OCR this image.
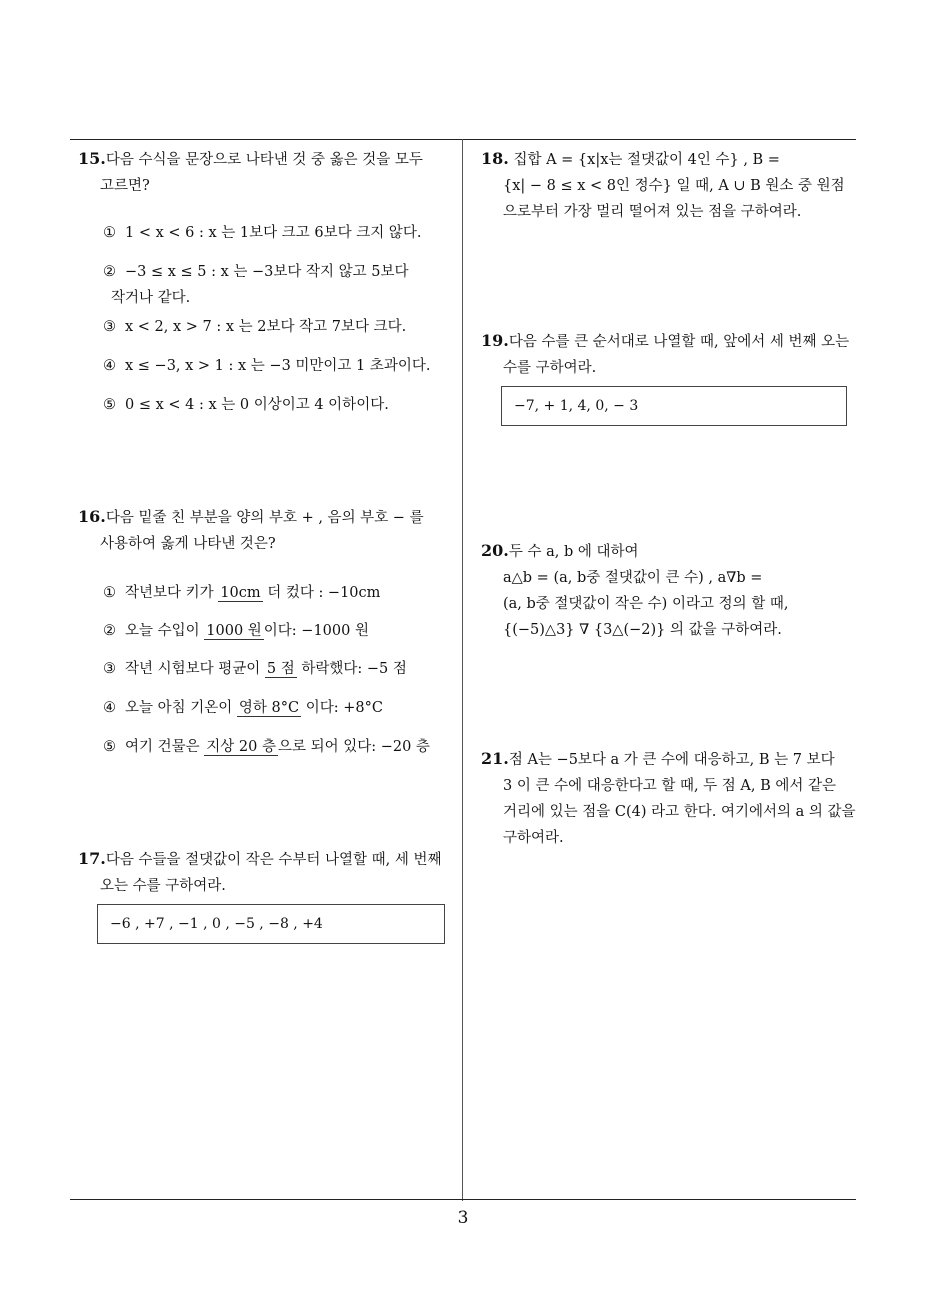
15.다음 수식을 문장으로 나타낸 것 중 옳은 것을 모두
고르면?
① 1 < x < 6 : x 는 1보다 크고 6보다 크지 않다.
② −3 ≤ x ≤ 5 : x 는 −3보다 작지 않고 5보다
작거나 같다.
③ x < 2, x > 7 : x 는 2보다 작고 7보다 크다.
④ x ≤ −3, x > 1 : x 는 −3 미만이고 1 초과이다.
⑤ 0 ≤ x < 4 : x 는 0 이상이고 4 이하이다.
16.다음 밑줄 친 부분을 양의 부호 + , 음의 부호 − 를
사용하여 옳게 나타낸 것은?
① 작년보다 키가 10cm 더 컸다 : −10cm
② 오늘 수입이 1000 원 이다: −1000 원
③ 작년 시험보다 평균이 5 점 하락했다: −5 점
④ 오늘 아침 기온이 영하 8°C 이다: +8°C
⑤ 여기 건물은 지상 20 층 으로 되어 있다: −20 층
17.다음 수들을 절댓값이 작은 수부터 나열할 때, 세 번째
오는 수를 구하여라.
−6 , +7 , −1 , 0 , −5 , −8 , +4
18. 집합 A = {x|x는 절댓값이 4인 수} , B =
{x| − 8 ≤ x < 8인 정수} 일 때, A ∪ B 원소 중 원점
으로부터 가장 멀리 떨어져 있는 점을 구하여라.
19.다음 수를 큰 순서대로 나열할 때, 앞에서 세 번째 오는
수를 구하여라.
−7, + 1, 4, 0, − 3
20.두 수 a, b 에 대하여
a△b = (a, b중 절댓값이 큰 수) , a∇b =
(a, b중 절댓값이 작은 수) 이라고 정의 할 때,
{(−5)△3} ∇ {3△(−2)} 의 값을 구하여라.
21.점 A는 −5보다 a 가 큰 수에 대응하고, B 는 7 보다
3 이 큰 수에 대응한다고 할 때, 두 점 A, B 에서 같은
거리에 있는 점을 C(4) 라고 한다. 여기에서의 a 의 값을
구하여라.
3
